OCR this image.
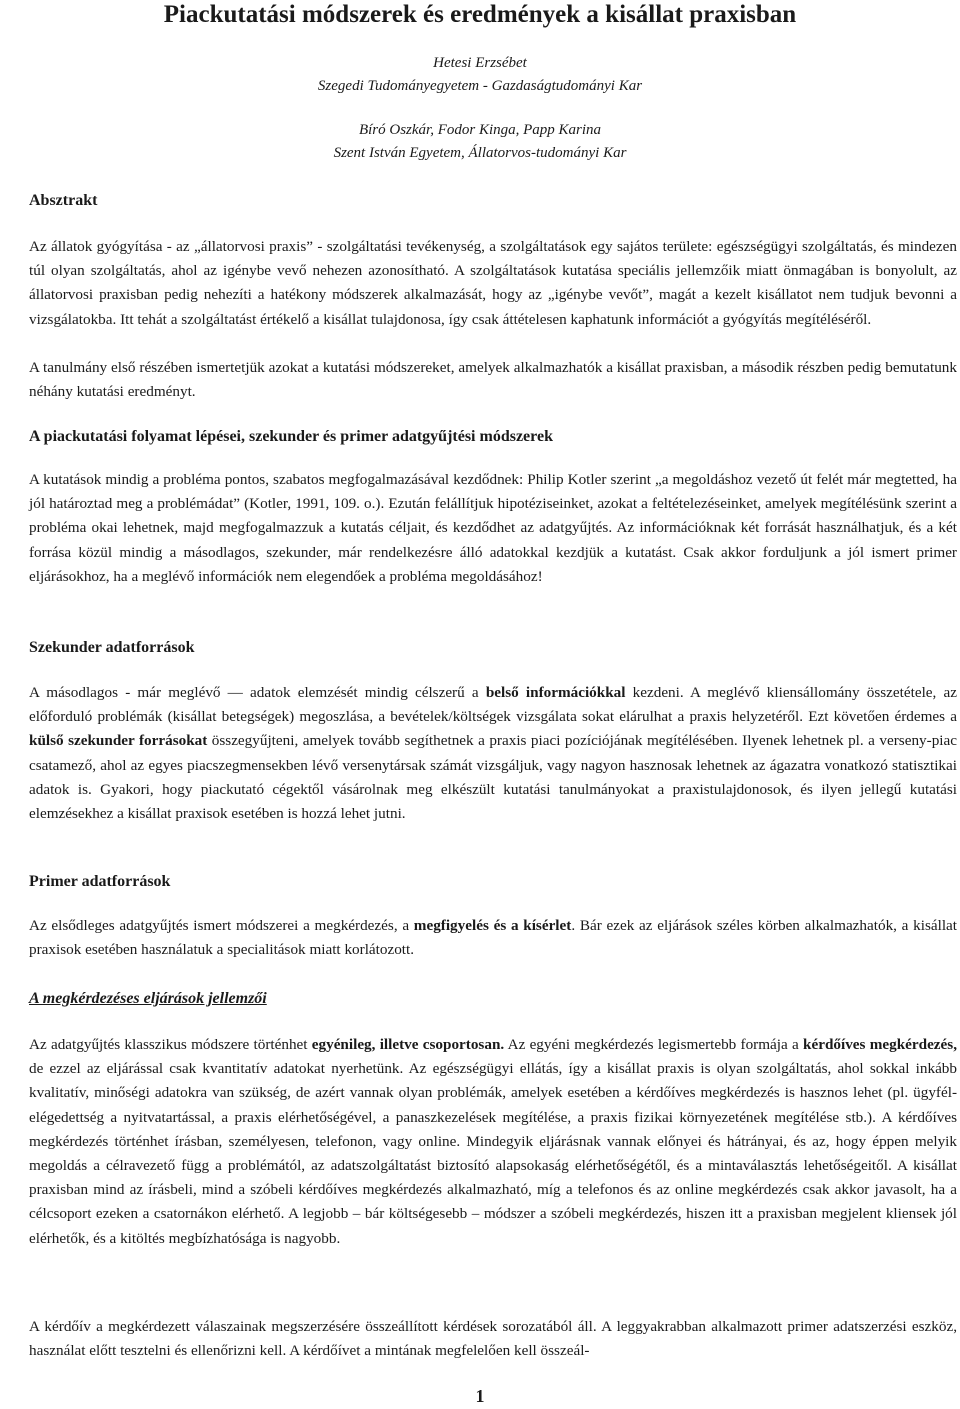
Piackutatási módszerek és eredmények a kisállat praxisban
Hetesi Erzsébet
Szegedi Tudományegyetem - Gazdaságtudományi Kar
Bíró Oszkár, Fodor Kinga, Papp Karina
Szent István Egyetem, Állatorvos-tudományi Kar
Absztrakt

Az állatok gyógyítása - az „állatorvosi praxis” - szolgáltatási tevékenység, a szolgáltatások egy sajátos területe: egészségügyi szolgáltatás, és mindezen túl olyan szolgáltatás, ahol az igénybe vevő nehezen azonosítható. A szolgáltatások kutatása speciális jellemzőik miatt önmagában is bonyolult, az állatorvosi praxisban pedig nehezíti a hatékony módszerek alkalmazását, hogy az „igénybe vevőt”, magát a kezelt kisállatot nem tudjuk bevonni a vizsgálatokba. Itt tehát a szolgáltatást értékelő a kisállat tulajdonosa, így csak áttételesen kaphatunk információt a gyógyítás megítéléséről.

A tanulmány első részében ismertetjük azokat a kutatási módszereket, amelyek alkalmazhatók a kisállat praxisban, a második részben pedig bemutatunk néhány kutatási eredményt.

A piackutatási folyamat lépései, szekunder és primer adatgyűjtési módszerek

A kutatások mindig a probléma pontos, szabatos megfogalmazásával kezdődnek: Philip Kotler szerint „a megoldáshoz vezető út felét már megtetted, ha jól határoztad meg a problémádat” (Kotler, 1991, 109. o.). Ezután felállítjuk hipotéziseinket, azokat a feltételezéseinket, amelyek megítélésünk szerint a probléma okai lehetnek, majd megfogalmazzuk a kutatás céljait, és kezdődhet az adatgyűjtés. Az információknak két forrását használhatjuk, és a két forrása közül mindig a másodlagos, szekunder, már rendelkezésre álló adatokkal kezdjük a kutatást. Csak akkor forduljunk a jól ismert primer eljárásokhoz, ha a meglévő információk nem elegendőek a probléma megoldásához!

Szekunder adatforrások

A másodlagos - már meglévő — adatok elemzését mindig célszerű a belső információkkal kezdeni. A meglévő kliensállomány összetétele, az előforduló problémák (kisállat betegségek) megoszlása, a bevételek/költségek vizsgálata sokat elárulhat a praxis helyzetéről. Ezt követően érdemes a külső szekunder forrásokat összegyűjteni, amelyek tovább segíthetnek a praxis piaci pozíciójának megítélésében. Ilyenek lehetnek pl. a verseny-piac csatamező, ahol az egyes piacszegmensekben lévő versenytársak számát vizsgáljuk, vagy nagyon hasznosak lehetnek az ágazatra vonatkozó statisztikai adatok is. Gyakori, hogy piackutató cégektől vásárolnak meg elkészült kutatási tanulmányokat a praxistulajdonosok, és ilyen jellegű kutatási elemzésekhez a kisállat praxisok esetében is hozzá lehet jutni.

Primer adatforrások

Az elsődleges adatgyűjtés ismert módszerei a megkérdezés, a megfigyelés és a kísérlet. Bár ezek az eljárások széles körben alkalmazhatók, a kisállat praxisok esetében használatuk a specialitások miatt korlátozott.

A megkérdezéses eljárások jellemzői

Az adatgyűjtés klasszikus módszere történhet egyénileg, illetve csoportosan. Az egyéni megkérdezés legismertebb formája a kérdőíves megkérdezés, de ezzel az eljárással csak kvantitatív adatokat nyerhetünk. Az egészségügyi ellátás, így a kisállat praxis is olyan szolgáltatás, ahol sokkal inkább kvalitatív, minőségi adatokra van szükség, de azért vannak olyan problémák, amelyek esetében a kérdőíves megkérdezés is hasznos lehet (pl. ügyfél-elégedettség a nyitvatartással, a praxis elérhetőségével, a panaszkezelések megítélése, a praxis fizikai környezetének megítélése stb.). A kérdőíves megkérdezés történhet írásban, személyesen, telefonon, vagy online. Mindegyik eljárásnak vannak előnyei és hátrányai, és az, hogy éppen melyik megoldás a célravezető függ a problémától, az adatszolgáltatást biztosító alapsokaság elérhetőségétől, és a mintaválasztás lehetőségeitől. A kisállat praxisban mind az írásbeli, mind a szóbeli kérdőíves megkérdezés alkalmazható, míg a telefonos és az online megkérdezés csak akkor javasolt, ha a célcsoport ezeken a csatornákon elérhető. A legjobb – bár költségesebb – módszer a szóbeli megkérdezés, hiszen itt a praxisban megjelent kliensek jól elérhetők, és a kitöltés megbízhatósága is nagyobb.

A kérdőív a megkérdezett válaszainak megszerzésére összeállított kérdések sorozatából áll. A leggyakrabban alkalmazott primer adatszerzési eszköz, használat előtt tesztelni és ellenőrizni kell. A kérdőívet a mintának megfelelően kell összeál-

1
